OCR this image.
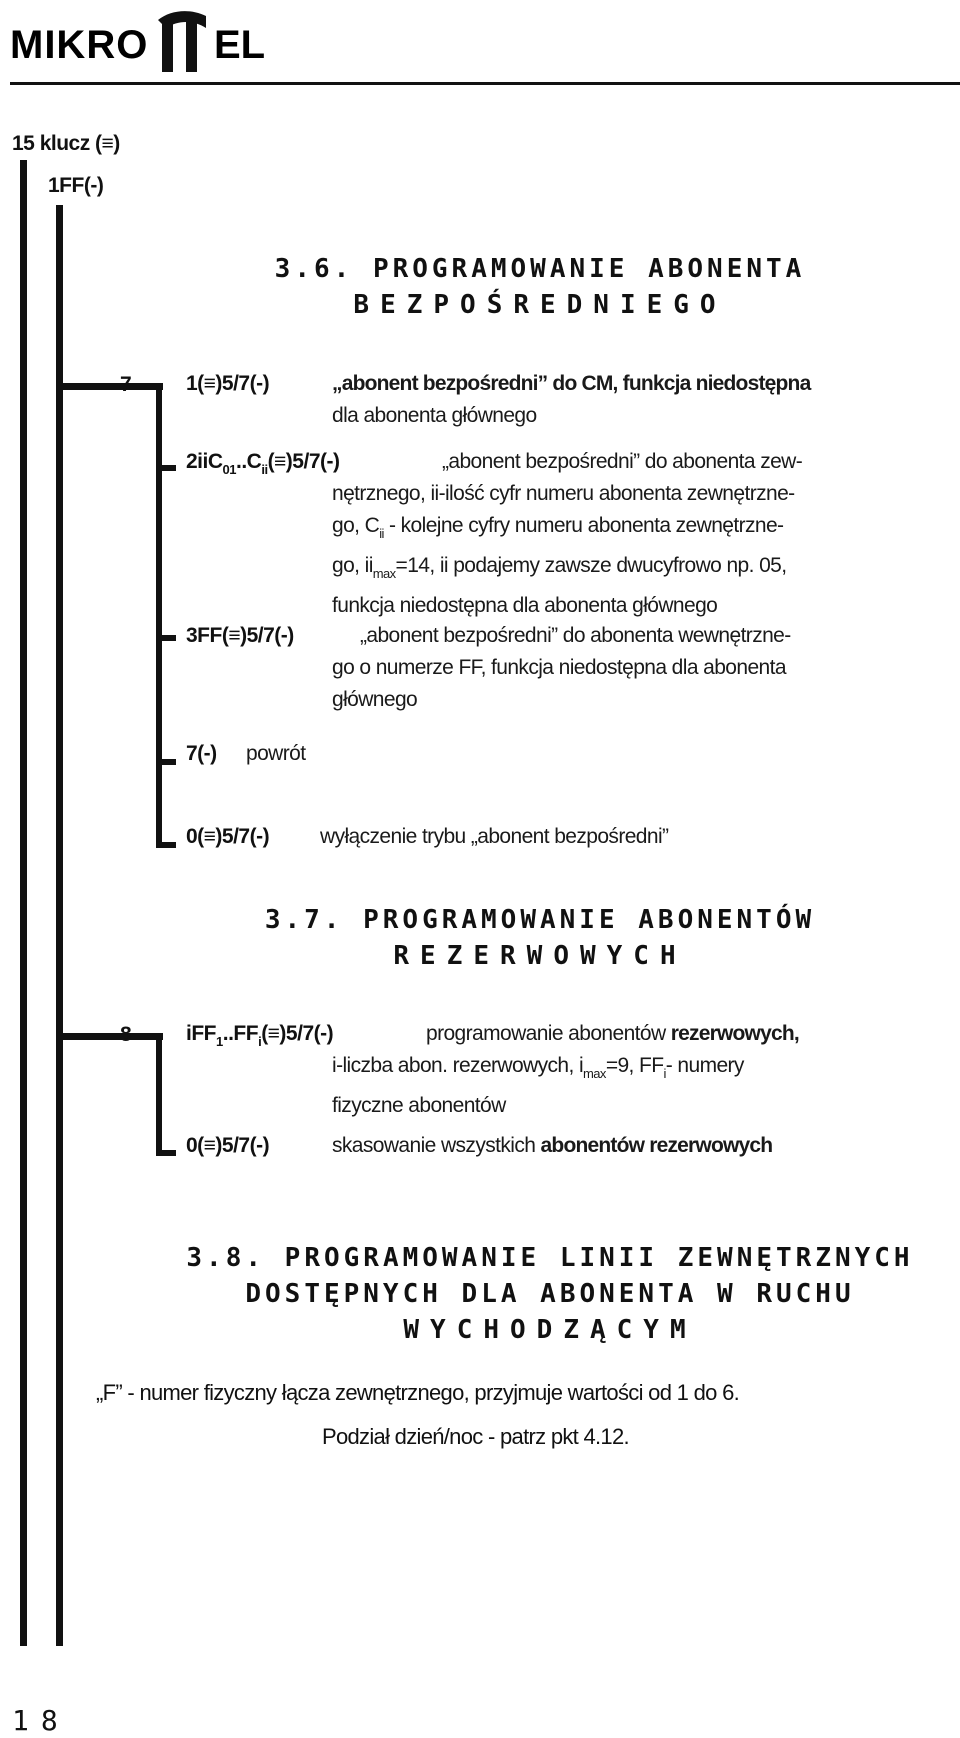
MIKRO EL
15 klucz (≡)
1FF(-)
3.6. PROGRAMOWANIE ABONENTA
BEZPOŚREDNIEGO
7	1(≡)5/7(-)	„abonent bezpośredni” do CM, funkcja niedostępna
dla abonenta głównego
$2iiC_{01}..C_{ii}(\equiv)5/7(-)$	„abonent bezpośredni” do abonenta zew-
nętrznego, ii-ilość cyfr numeru abonenta zewnętrzne-
go, $C_{ii}$ - kolejne cyfry numeru abonenta zewnętrzne-
go, $ii_{max}=14$, ii podajemy zawsze dwucyfrowo np. 05,
funkcja niedostępna dla abonenta głównego
3FF(≡)5/7(-)	„abonent bezpośredni” do abonenta wewnętrzne-
go o numerze FF, funkcja niedostępna dla abonenta
głównego
7(-) powrót
0(≡)5/7(-) wyłączenie trybu „abonent bezpośredni”
3.7. PROGRAMOWANIE ABONENTÓW
REZERWOWYCH
8	$iFF_1..FF_i(\equiv)5/7(-)$	programowanie abonentów rezerwowych,
i-liczba abon. rezerwowych, $i_{max}=9$, $FF_i-$ numery
fizyczne abonentów
0(≡)5/7(-)	skasowanie wszystkich abonentów rezerwowych
3.8. PROGRAMOWANIE LINII ZEWNĘTRZNYCH
DOSTĘPNYCH DLA ABONENTA W RUCHU
WYCHODZĄCYM
„F” - numer fizyczny łącza zewnętrznego, przyjmuje wartości od 1 do 6.
Podział dzień/noc - patrz pkt 4.12.
18
